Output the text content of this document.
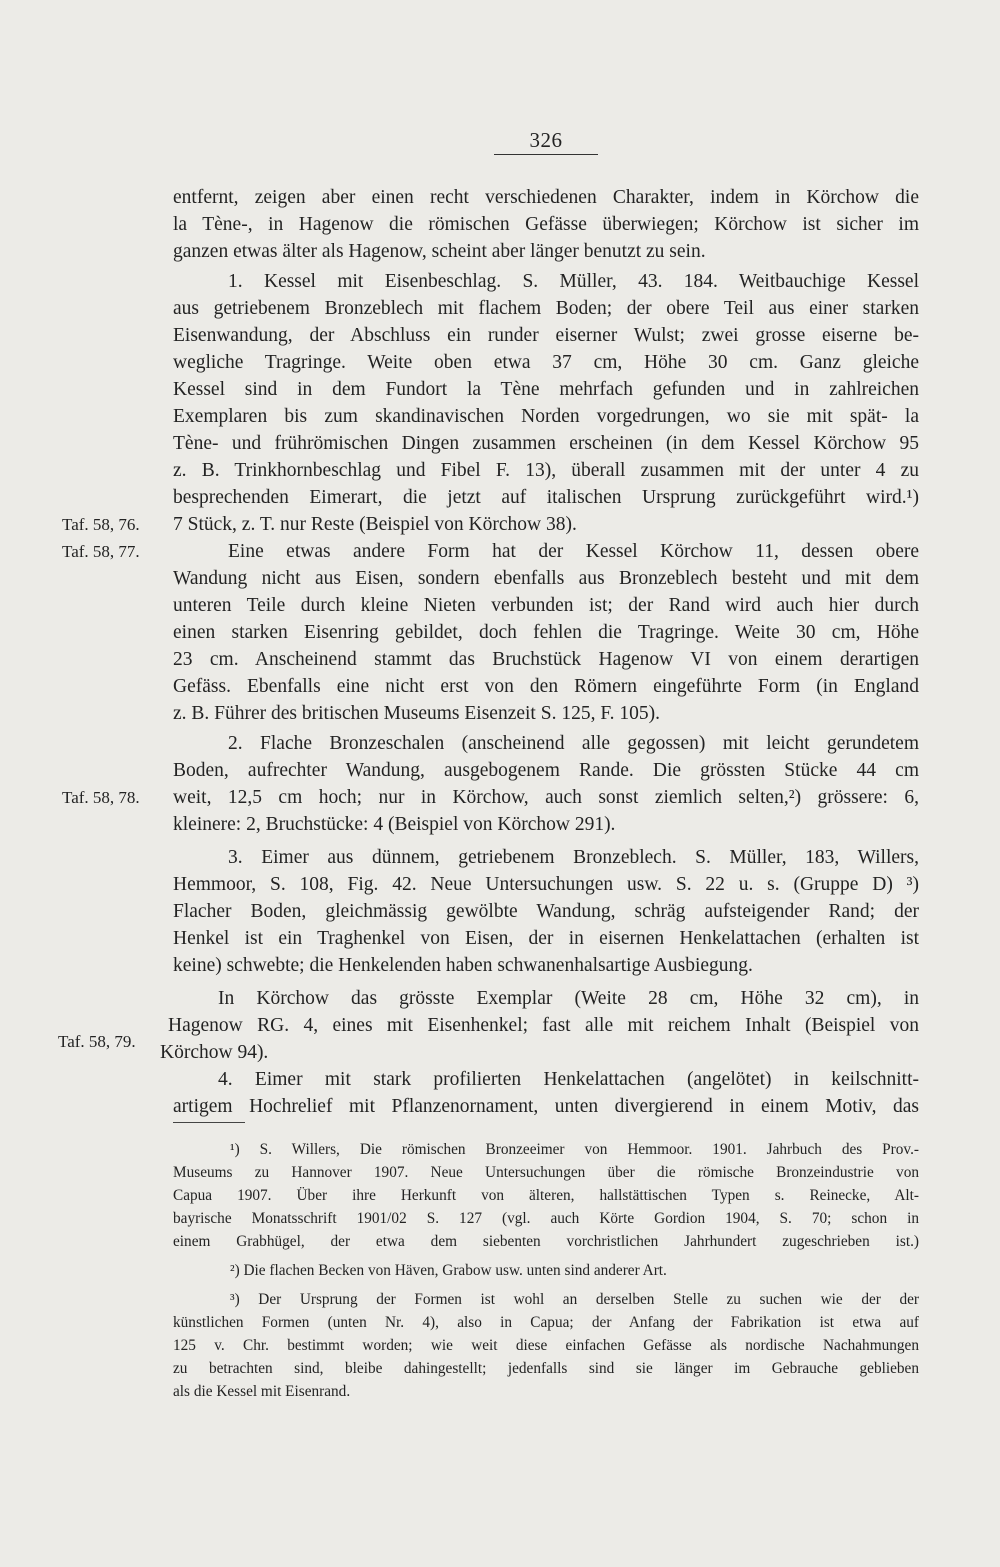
326
entfernt, zeigen aber einen recht verschiedenen Charakter, indem in Körchow die
la Tène-, in Hagenow die römischen Gefässe überwiegen; Körchow ist sicher im
ganzen etwas älter als Hagenow, scheint aber länger benutzt zu sein.
1. Kessel mit Eisenbeschlag. S. Müller, 43. 184. Weitbauchige Kessel
aus getriebenem Bronzeblech mit flachem Boden; der obere Teil aus einer starken
Eisenwandung, der Abschluss ein runder eiserner Wulst; zwei grosse eiserne be-
wegliche Tragringe. Weite oben etwa 37 cm, Höhe 30 cm. Ganz gleiche
Kessel sind in dem Fundort la Tène mehrfach gefunden und in zahlreichen
Exemplaren bis zum skandinavischen Norden vorgedrungen, wo sie mit spät- la
Tène- und frührömischen Dingen zusammen erscheinen (in dem Kessel Körchow 95
z. B. Trinkhornbeschlag und Fibel F. 13), überall zusammen mit der unter 4 zu
besprechenden Eimerart, die jetzt auf italischen Ursprung zurückgeführt wird.¹)
7 Stück, z. T. nur Reste (Beispiel von Körchow 38).
Eine etwas andere Form hat der Kessel Körchow 11, dessen obere
Wandung nicht aus Eisen, sondern ebenfalls aus Bronzeblech besteht und mit dem
unteren Teile durch kleine Nieten verbunden ist; der Rand wird auch hier durch
einen starken Eisenring gebildet, doch fehlen die Tragringe. Weite 30 cm, Höhe
23 cm. Anscheinend stammt das Bruchstück Hagenow VI von einem derartigen
Gefäss. Ebenfalls eine nicht erst von den Römern eingeführte Form (in England
z. B. Führer des britischen Museums Eisenzeit S. 125, F. 105).
2. Flache Bronzeschalen (anscheinend alle gegossen) mit leicht gerundetem
Boden, aufrechter Wandung, ausgebogenem Rande. Die grössten Stücke 44 cm
weit, 12,5 cm hoch; nur in Körchow, auch sonst ziemlich selten,²) grössere: 6,
kleinere: 2, Bruchstücke: 4 (Beispiel von Körchow 291).
3. Eimer aus dünnem, getriebenem Bronzeblech. S. Müller, 183, Willers,
Hemmoor, S. 108, Fig. 42. Neue Untersuchungen usw. S. 22 u. s. (Gruppe D) ³)
Flacher Boden, gleichmässig gewölbte Wandung, schräg aufsteigender Rand; der
Henkel ist ein Traghenkel von Eisen, der in eisernen Henkelattachen (erhalten ist
keine) schwebte; die Henkelenden haben schwanenhalsartige Ausbiegung.
In Körchow das grösste Exemplar (Weite 28 cm, Höhe 32 cm), in
Hagenow RG. 4, eines mit Eisenhenkel; fast alle mit reichem Inhalt (Beispiel von
Körchow 94).
4. Eimer mit stark profilierten Henkelattachen (angelötet) in keilschnitt-
artigem Hochrelief mit Pflanzenornament, unten divergierend in einem Motiv, das
Taf. 58, 76.
Taf. 58, 77.
Taf. 58, 78.
Taf. 58, 79.
¹) S. Willers, Die römischen Bronzeeimer von Hemmoor. 1901. Jahrbuch des Prov.-
Museums zu Hannover 1907. Neue Untersuchungen über die römische Bronzeindustrie von
Capua 1907. Über ihre Herkunft von älteren, hallstättischen Typen s. Reinecke, Alt-
bayrische Monatsschrift 1901/02 S. 127 (vgl. auch Körte Gordion 1904, S. 70; schon in
einem Grabhügel, der etwa dem siebenten vorchristlichen Jahrhundert zugeschrieben ist.)
²) Die flachen Becken von Häven, Grabow usw. unten sind anderer Art.
³) Der Ursprung der Formen ist wohl an derselben Stelle zu suchen wie der der
künstlichen Formen (unten Nr. 4), also in Capua; der Anfang der Fabrikation ist etwa auf
125 v. Chr. bestimmt worden; wie weit diese einfachen Gefässe als nordische Nachahmungen
zu betrachten sind, bleibe dahingestellt; jedenfalls sind sie länger im Gebrauche geblieben
als die Kessel mit Eisenrand.
